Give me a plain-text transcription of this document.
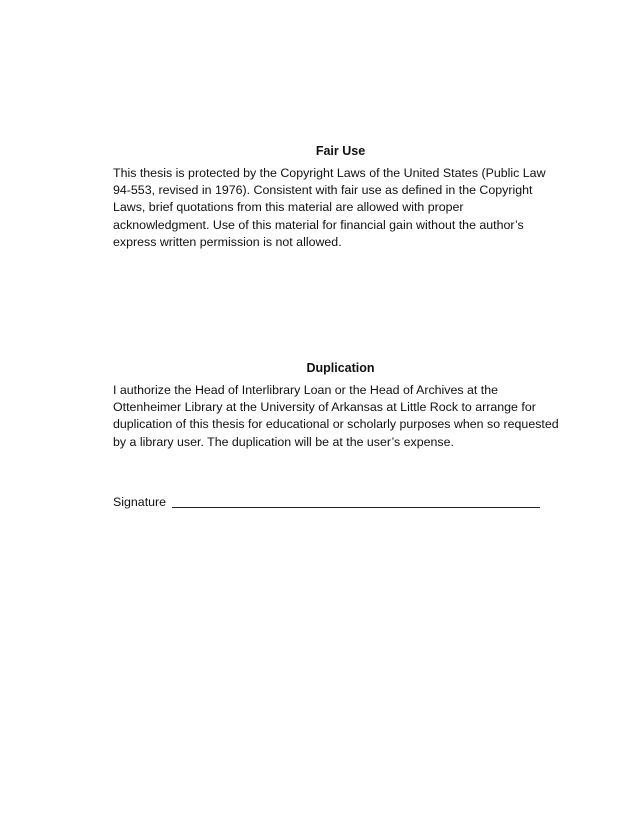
Fair Use

This thesis is protected by the Copyright Laws of the United States (Public Law
94-553, revised in 1976). Consistent with fair use as defined in the Copyright
Laws, brief quotations from this material are allowed with proper
acknowledgment. Use of this material for financial gain without the author’s
express written permission is not allowed.

Duplication

I authorize the Head of Interlibrary Loan or the Head of Archives at the
Ottenheimer Library at the University of Arkansas at Little Rock to arrange for
duplication of this thesis for educational or scholarly purposes when so requested
by a library user. The duplication will be at the user’s expense.

Signature
